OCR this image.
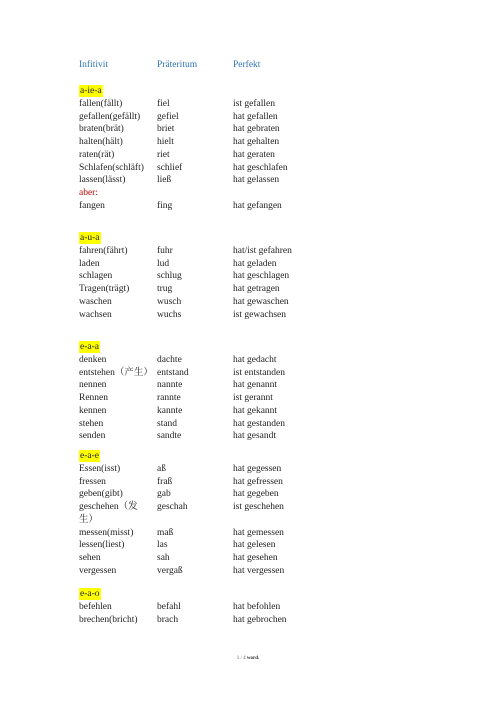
Infitivit	Präteritum	Perfekt
a-ie-a
fallen(fällt)	fiel	ist gefallen
gefallen(gefällt) gefiel	hat gefallen
braten(brät)	briet	hat gebraten
halten(hält)	hielt	hat gehalten
raten(rät)	riet	hat geraten
Schlafen(schläft) schlief	hat geschlafen
lassen(lässt)	ließ	hat gelassen
aber:
fangen	fing	hat gefangen
a-u-a
fahren(fährt)	fuhr	hat/ist gefahren
laden	lud	hat geladen
schlagen	schlug	hat geschlagen
Tragen(trägt)	trug	hat getragen
waschen	wusch	hat gewaschen
wachsen	wuchs	ist gewachsen
e-a-a
denken	dachte	hat gedacht
entstehen（产生） entstand	ist entstanden
nennen	nannte	hat genannt
Rennen	rannte	ist gerannt
kennen	kannte	hat gekannt
stehen	stand	hat gestanden
senden	sandte	hat gesandt
e-a-e
Essen(isst)	aß	hat gegessen
fressen	fraß	hat gefressen
geben(gibt)	gab	hat gegeben
geschehen（发 geschah	ist geschehen
生）
messen(misst) maß	hat gemessen
lessen(liest)	las	hat gelesen
sehen	sah	hat gesehen
vergessen	vergaß	hat vergessen
e-a-o
befehlen	befahl	hat befohlen
brechen(bricht) brach	hat gebrochen
1 / 4 word.
